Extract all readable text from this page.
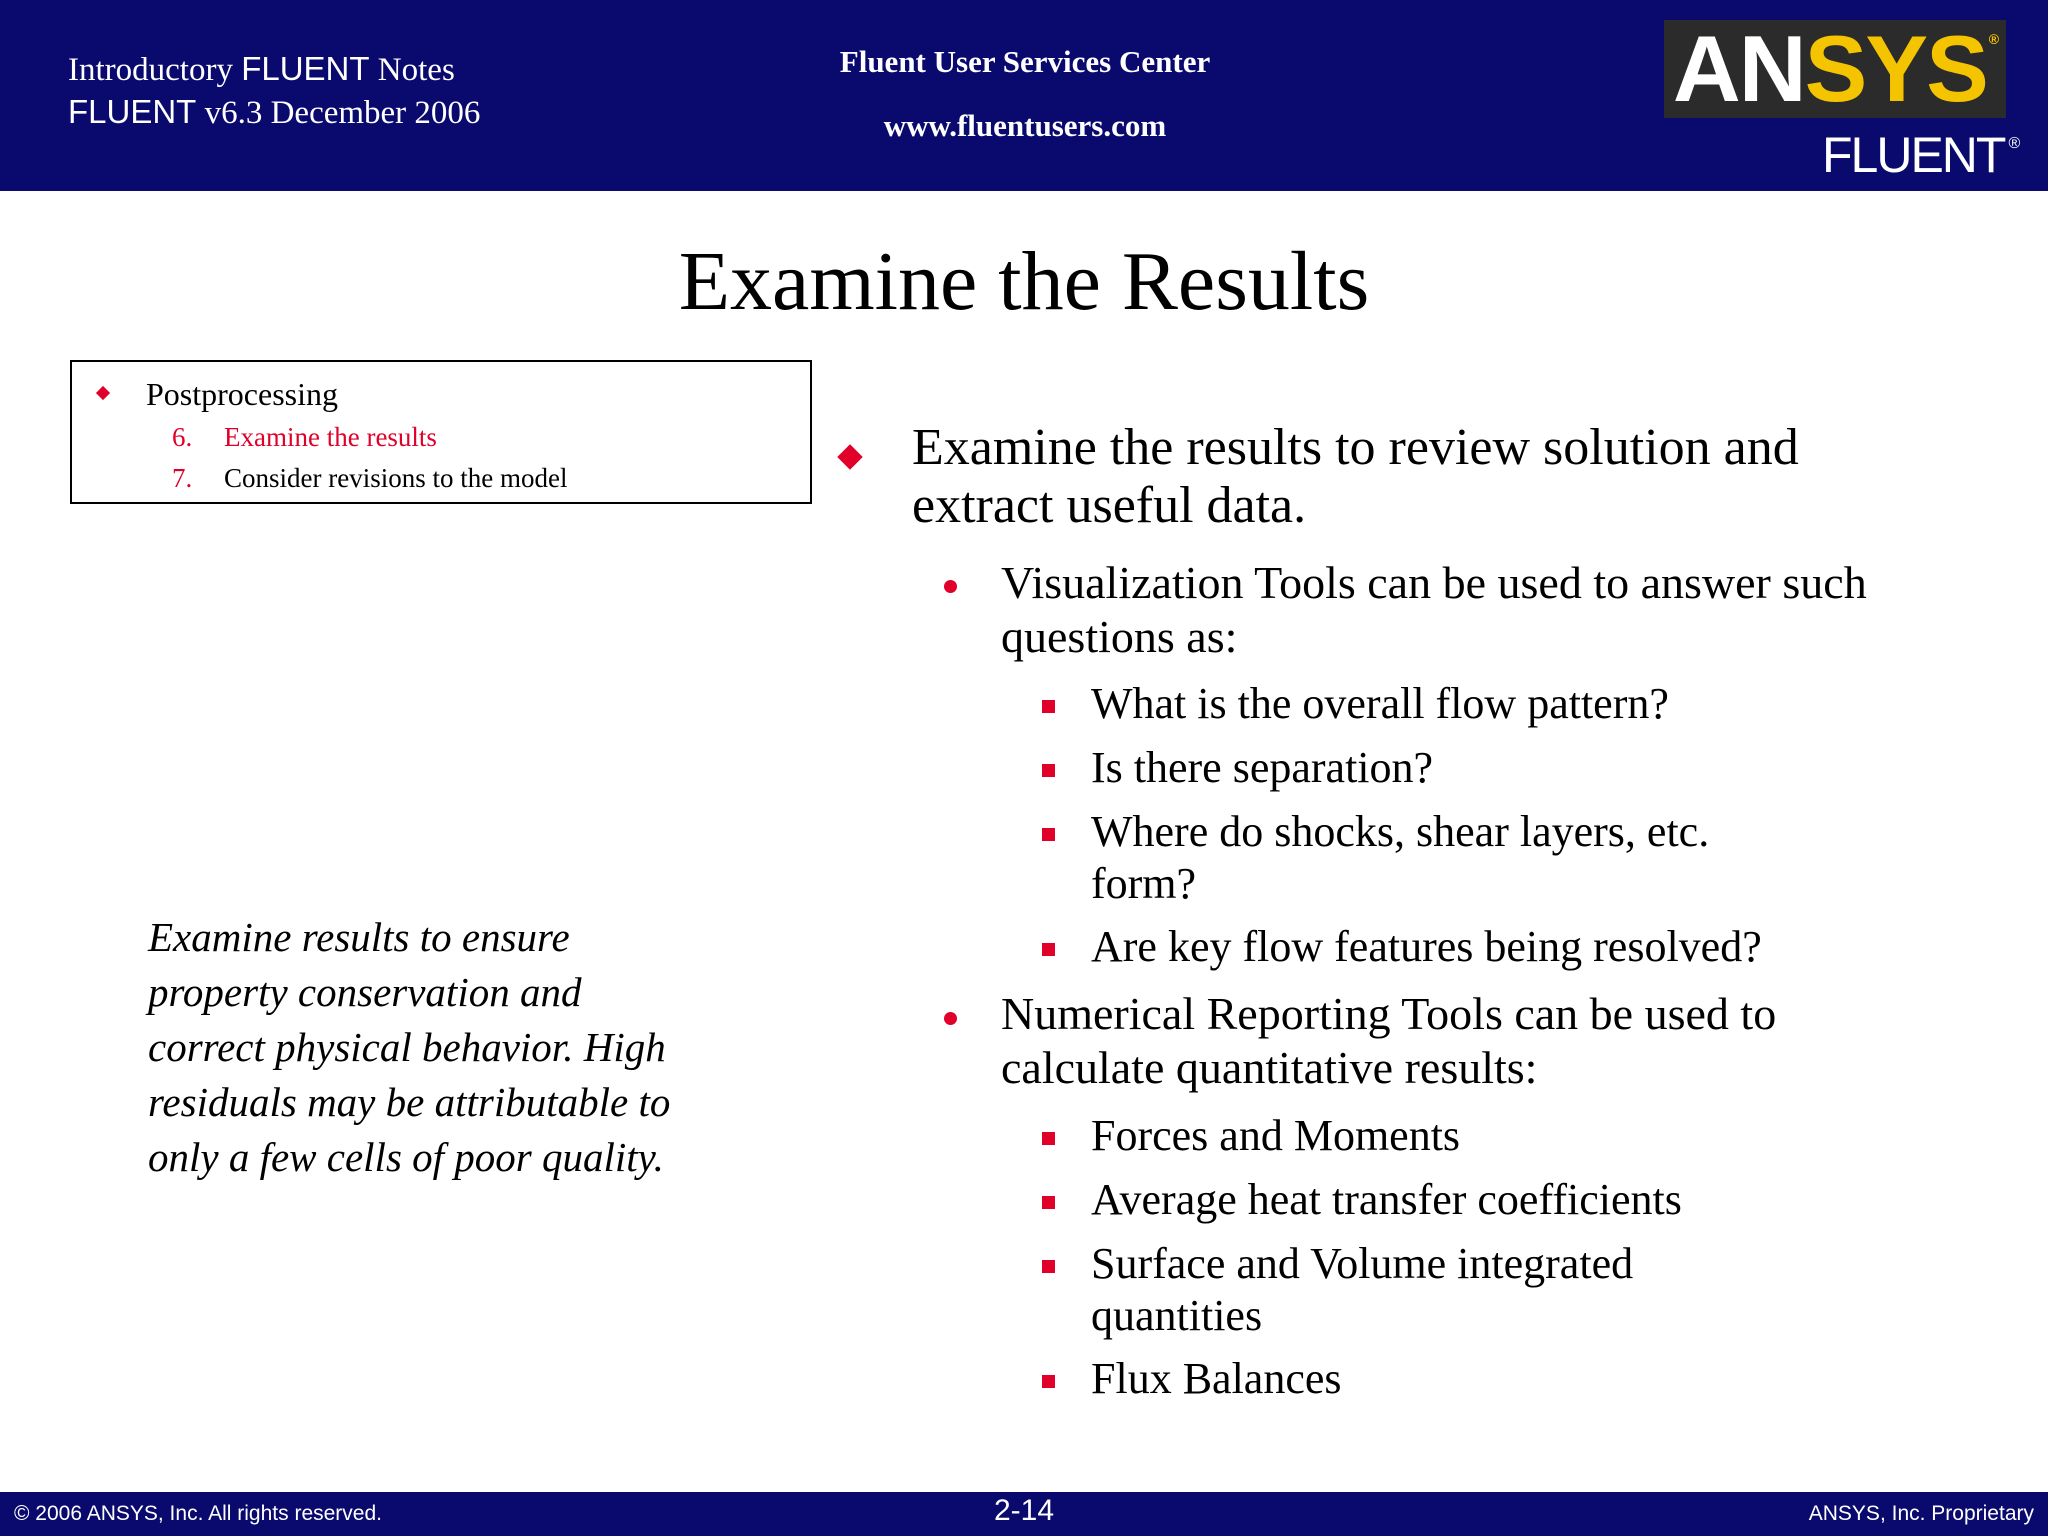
Introductory FLUENT Notes
FLUENT v6.3 December 2006
Fluent User Services Center
www.fluentusers.com
AN SYS ®
FLUENT ®
Examine the Results
Postprocessing
6. Examine the results
7. Consider revisions to the model
Examine results to ensure property conservation and correct physical behavior. High residuals may be attributable to only a few cells of poor quality.
Examine the results to review solution and extract useful data.
Visualization Tools can be used to answer such questions as:
What is the overall flow pattern?
Is there separation?
Where do shocks, shear layers, etc. form?
Are key flow features being resolved?
Numerical Reporting Tools can be used to calculate quantitative results:
Forces and Moments
Average heat transfer coefficients
Surface and Volume integrated quantities
Flux Balances
© 2006 ANSYS, Inc. All rights reserved.	2-14	ANSYS, Inc. Proprietary
